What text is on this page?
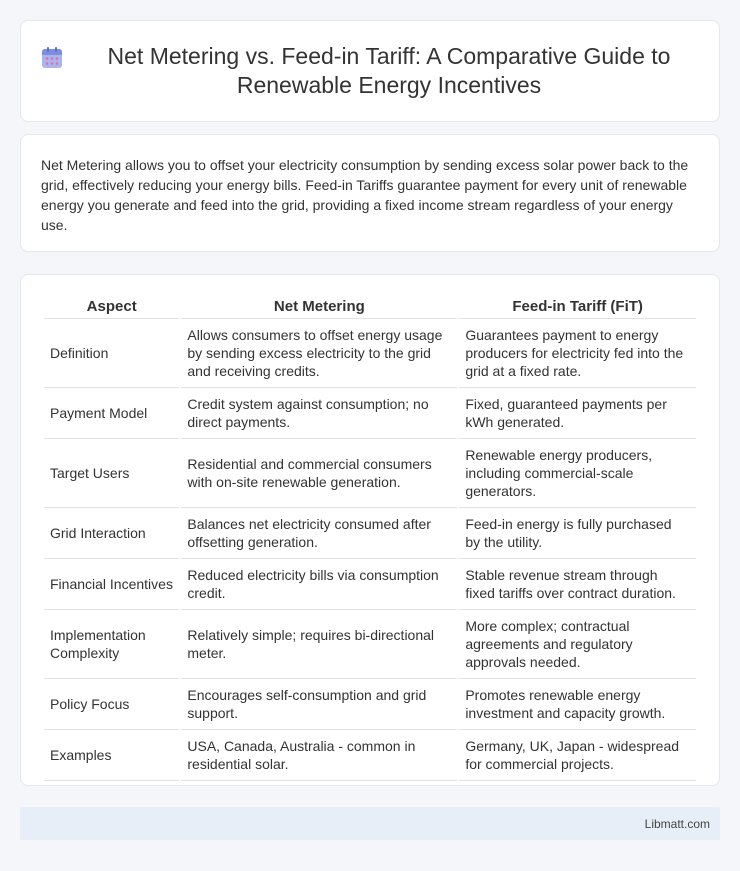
Net Metering vs. Feed-in Tariff: A Comparative Guide to Renewable Energy Incentives

Net Metering allows you to offset your electricity consumption by sending excess solar power back to the grid, effectively reducing your energy bills. Feed-in Tariffs guarantee payment for every unit of renewable energy you generate and feed into the grid, providing a fixed income stream regardless of your energy use.

Aspect	Net Metering	Feed-in Tariff (FiT)
Definition	Allows consumers to offset energy usage by sending excess electricity to the grid and receiving credits.	Guarantees payment to energy producers for electricity fed into the grid at a fixed rate.
Payment Model	Credit system against consumption; no direct payments.	Fixed, guaranteed payments per kWh generated.
Target Users	Residential and commercial consumers with on-site renewable generation.	Renewable energy producers, including commercial-scale generators.
Grid Interaction	Balances net electricity consumed after offsetting generation.	Feed-in energy is fully purchased by the utility.
Financial Incentives	Reduced electricity bills via consumption credit.	Stable revenue stream through fixed tariffs over contract duration.
Implementation Complexity	Relatively simple; requires bi-directional meter.	More complex; contractual agreements and regulatory approvals needed.
Policy Focus	Encourages self-consumption and grid support.	Promotes renewable energy investment and capacity growth.
Examples	USA, Canada, Australia - common in residential solar.	Germany, UK, Japan - widespread for commercial projects.
Libmatt.com
